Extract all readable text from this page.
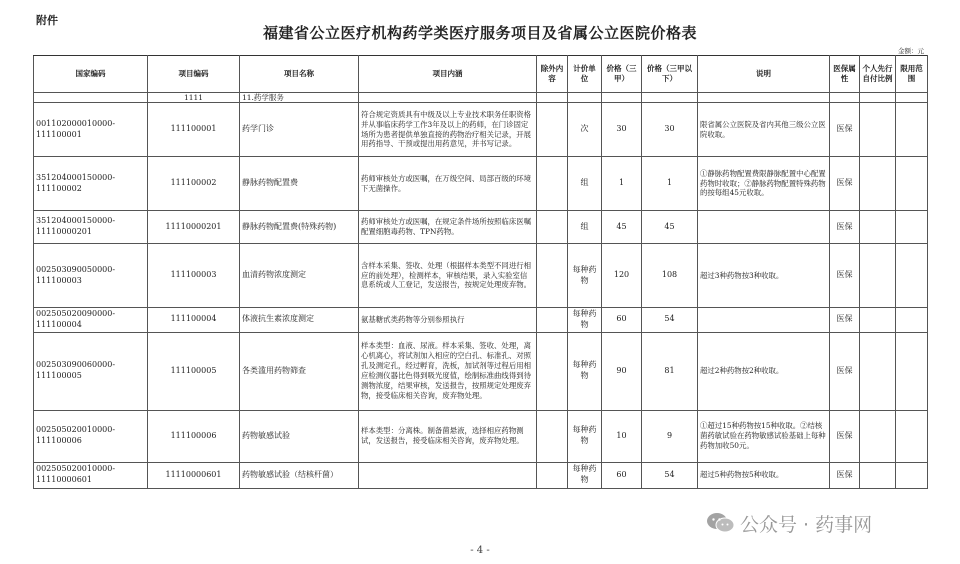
附件
福建省公立医疗机构药学类医疗服务项目及省属公立医院价格表
金额：元
国家编码	项目编码	项目名称	项目内涵	除外内容	计价单位	价格（三甲）	价格（三甲以下）	说明	医保属性	个人先行自付比例	限用范围
	1111	11.药学服务									
001102000010000-111100001	111100001	药学门诊	符合规定资质具有中级及以上专业技术职务任职资格并从事临床药学工作3年及以上的药师，在门诊固定场所为患者提供单独直接的药物治疗相关记录，开展用药指导、干预或提出用药意见，并书写记录。		次	30	30	限省属公立医院及省内其他三级公立医院收取。	医保		
351204000150000-111100002	111100002	静脉药物配置费	药师审核处方或医嘱，在万级空间、局部百级的环境下无菌操作。		组	1	1	①静脉药物配置费限静脉配置中心配置药物时收取；②静脉药物配置特殊药物的按每组45元收取。	医保		
351204000150000-11110000201	11110000201	静脉药物配置费(特殊药物)	药师审核处方或医嘱，在规定条件场所按照临床医嘱配置细胞毒药物、TPN药物。		组	45	45		医保		
002503090050000-111100003	111100003	血清药物浓度测定	含样本采集、签收、处理（根据样本类型不同进行相应的前处理），检测样本，审核结果，录入实验室信息系统或人工登记，发送报告，按规定处理废弃物。		每种药物	120	108	超过3种药物按3种收取。	医保		
002505020090000-111100004	111100004	体液抗生素浓度测定	氨基糖甙类药物等分别参照执行		每种药物	60	54		医保		
002503090060000-111100005	111100005	各类滥用药物筛查	样本类型：血液、尿液。样本采集、签收、处理，离心机离心，将试剂加入相应的空白孔、标准孔、对照孔及测定孔，经过孵育，洗板，加试剂等过程后用相应检测仪器比色得到吸光度值，绘制标准曲线得到待测物浓度，结果审核，发送报告，按照规定处理废弃物，接受临床相关咨询，废弃物处理。		每种药物	90	81	超过2种药物按2种收取。	医保		
002505020010000-111100006	111100006	药物敏感试验	样本类型：分离株。制备菌悬液，选择相应药物测试，发送报告，接受临床相关咨询，废弃物处理。		每种药物	10	9	①超过15种药物按15种收取。②结核菌药敏试验在药物敏感试验基础上每种药物加收50元。	医保		
002505020010000-11110000601	11110000601	药物敏感试验（结核杆菌）			每种药物	60	54	超过5种药物按5种收取。	医保		
- 4 -
公众号 · 药事网
